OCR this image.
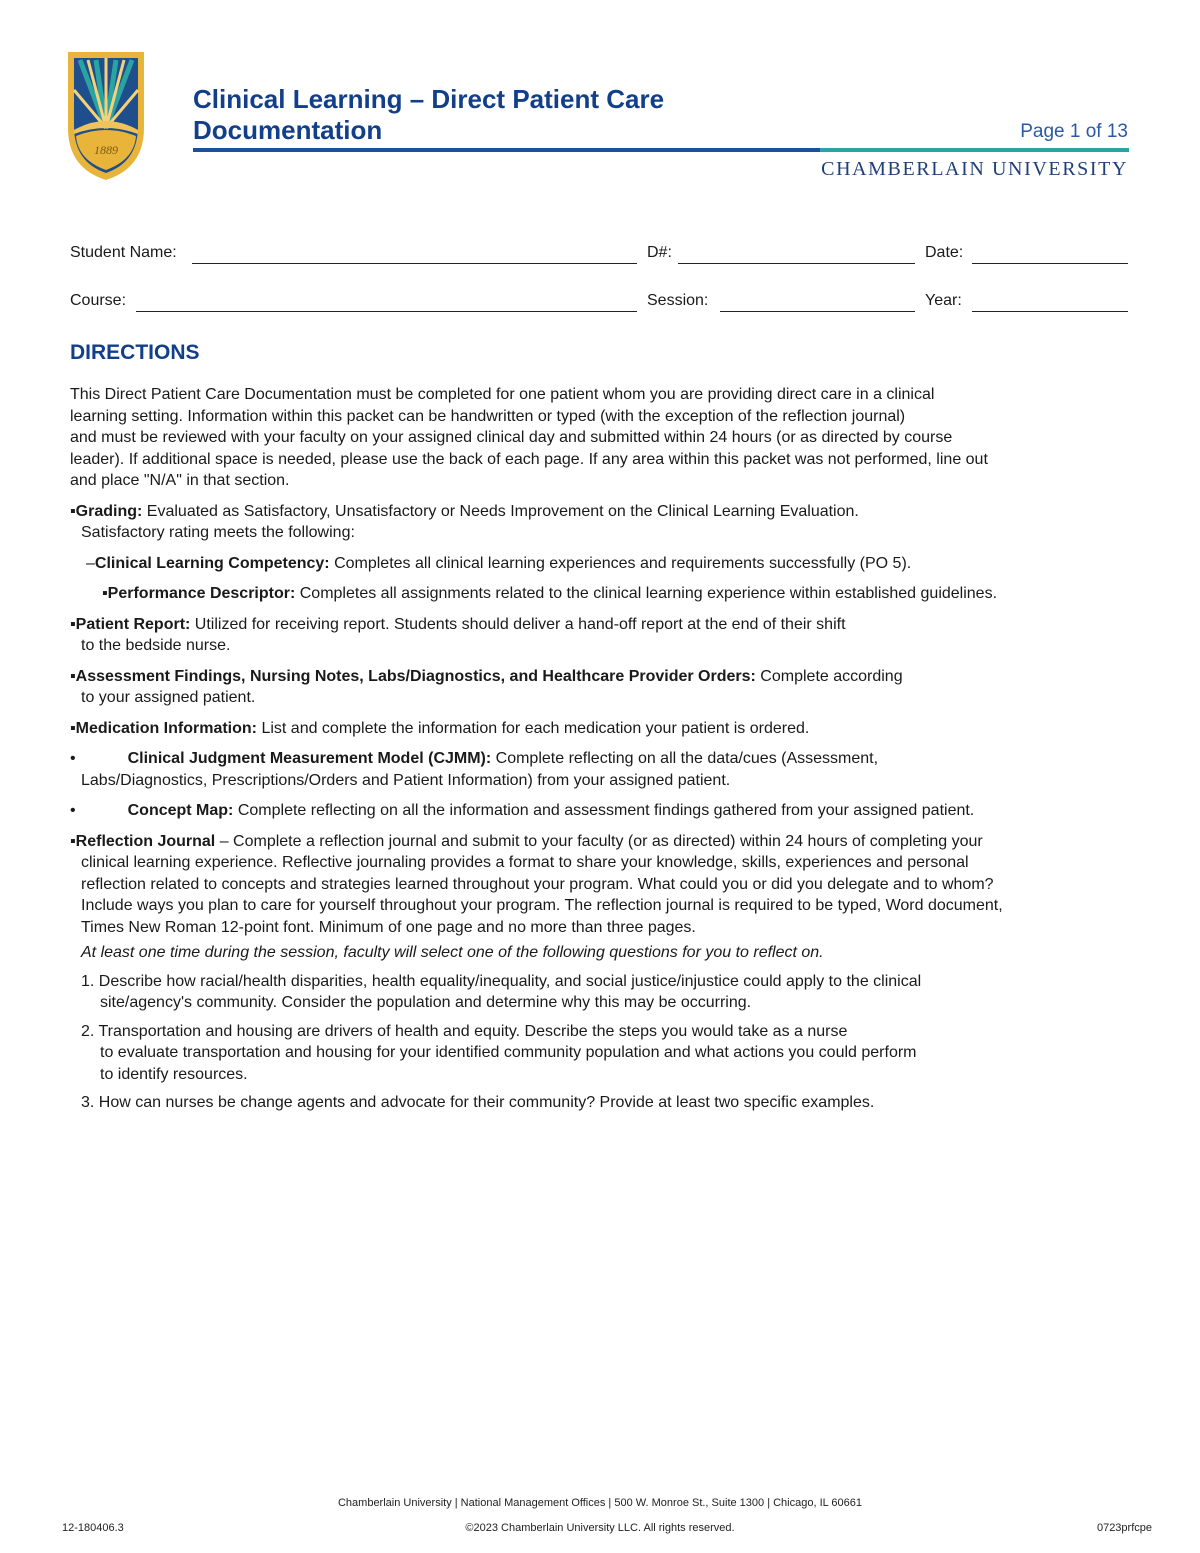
1889
Clinical Learning – Direct Patient Care
Documentation	Page 1 of 13
CHAMBERLAIN UNIVERSITY
Student Name:	D#:	Date:
Course:	Session:	Year:
DIRECTIONS

This Direct Patient Care Documentation must be completed for one patient whom you are providing direct care in a clinical

learning setting. Information within this packet can be handwritten or typed (with the exception of the reflection journal)

and must be reviewed with your faculty on your assigned clinical day and submitted within 24 hours (or as directed by course

leader). If additional space is needed, please use the back of each page. If any area within this packet was not performed, line out

and place "N/A" in that section.

▪Grading: Evaluated as Satisfactory, Unsatisfactory or Needs Improvement on the Clinical Learning Evaluation.

Satisfactory rating meets the following:

–Clinical Learning Competency: Completes all clinical learning experiences and requirements successfully (PO 5).

▪Performance Descriptor: Completes all assignments related to the clinical learning experience within established guidelines.

▪Patient Report: Utilized for receiving report. Students should deliver a hand-off report at the end of their shift

to the bedside nurse.

▪Assessment Findings, Nursing Notes, Labs/Diagnostics, and Healthcare Provider Orders: Complete according

to your assigned patient.

▪Medication Information: List and complete the information for each medication your patient is ordered.

•	Clinical Judgment Measurement Model (CJMM): Complete reflecting on all the data/cues (Assessment,

Labs/Diagnostics, Prescriptions/Orders and Patient Information) from your assigned patient.

•	Concept Map: Complete reflecting on all the information and assessment findings gathered from your assigned patient.

▪Reflection Journal – Complete a reflection journal and submit to your faculty (or as directed) within 24 hours of completing your

clinical learning experience. Reflective journaling provides a format to share your knowledge, skills, experiences and personal

reflection related to concepts and strategies learned throughout your program. What could you or did you delegate and to whom?

Include ways you plan to care for yourself throughout your program. The reflection journal is required to be typed, Word document,

Times New Roman 12-point font. Minimum of one page and no more than three pages.

At least one time during the session, faculty will select one of the following questions for you to reflect on.

1. Describe how racial/health disparities, health equality/inequality, and social justice/injustice could apply to the clinical

site/agency's community. Consider the population and determine why this may be occurring.

2. Transportation and housing are drivers of health and equity. Describe the steps you would take as a nurse

to evaluate transportation and housing for your identified community population and what actions you could perform

to identify resources.

3. How can nurses be change agents and advocate for their community? Provide at least two specific examples.

Chamberlain University | National Management Offices | 500 W. Monroe St., Suite 1300 | Chicago, IL 60661
12-180406.3	©2023 Chamberlain University LLC. All rights reserved.	0723prfcpe
